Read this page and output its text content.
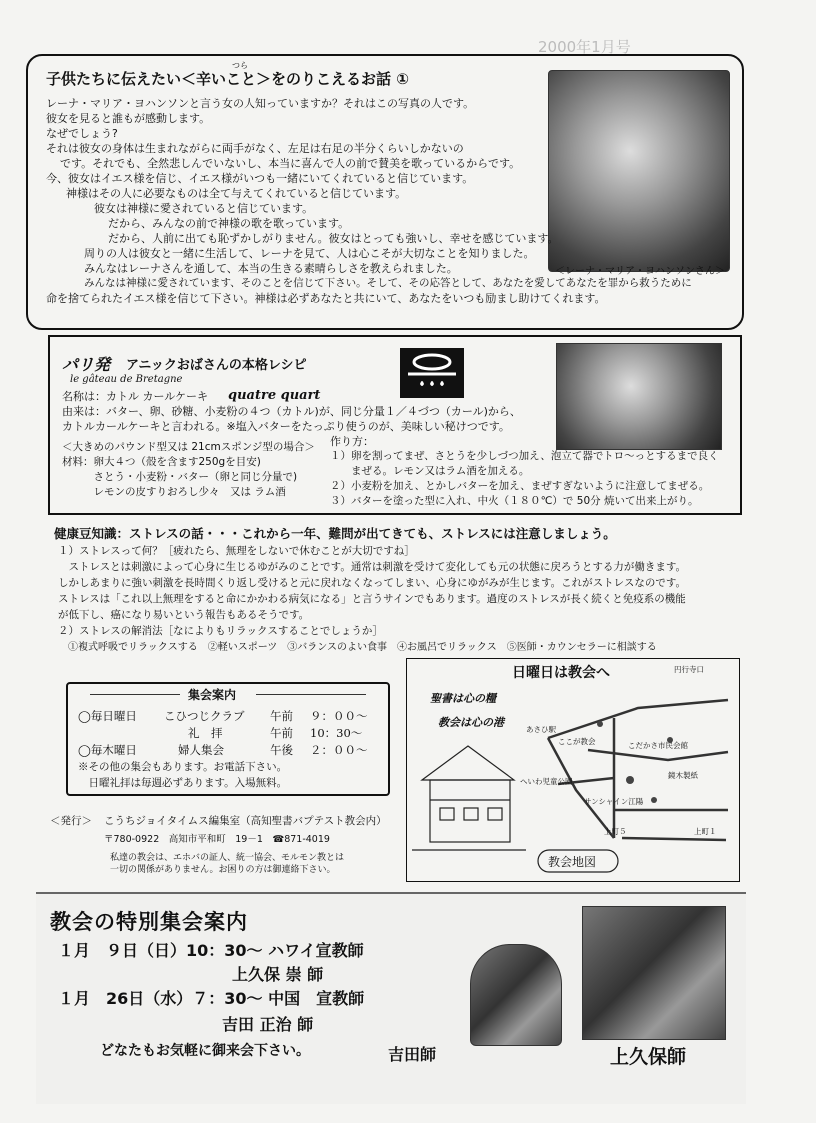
2000年1月号
子供たちに伝えたい＜辛いこと＞をのりこえるお話 ①
つら
＜レーナ・マリア・ヨハンソンさん＞
レーナ・マリア・ヨハンソンと言う女の人知っていますか？それはこの写真の人です。
彼女を見ると誰もが感動します。
なぜでしょう?
それは彼女の身体は生まれながらに両手がなく、左足は右足の半分くらいしかないの
です。それでも、全然悲しんでいないし、本当に喜んで人の前で賛美を歌っているからです。
今、彼女はイエス様を信じ、イエス様がいつも一緒にいてくれていると信じています。
神様はその人に必要なものは全て与えてくれていると信じています。
彼女は神様に愛されていると信じています。
だから、みんなの前で神様の歌を歌っています。
だから、人前に出ても恥ずかしがりません。彼女はとっても強いし、幸せを感じています。
周りの人は彼女と一緒に生活して、レーナを見て、人は心こそが大切なことを知りました。
みんなはレーナさんを通して、本当の生きる素晴らしさを教えられました。
みんなは神様に愛されています、そのことを信じて下さい。そして、その応答として、あなたを愛してあなたを罪から救うために
命を捨てられたイエス様を信じて下さい。神様は必ずあなたと共にいて、あなたをいつも励まし助けてくれます。
パリ発 アニックおばさんの本格レシピ
le gâteau de Bretagne
quatre quart
名称は：カトル カールケーキ
由来は：バター、卵、砂糖、小麦粉の４つ（カトル)が、同じ分量１／４づつ（カール)から、
カトルカールケーキと言われる。※塩入バターをたっぷり使うのが、美味しい秘けつです。
＜大きめのパウンド型又は 21cmスポンジ型の場合＞
材料：卵大４つ（殻を含ます250gを目安)
　　　さとう・小麦粉・バター（卵と同じ分量で)
　　　レモンの皮すりおろし少々　又は ラム酒
作り方：
１）卵を割ってまぜ、さとうを少しづつ加え、泡立て器でトロ～っとするまで良く
　　まぜる。レモン又はラム酒を加える。
２）小麦粉を加え、とかしバターを加え、まぜすぎないように注意してまぜる。
３）バターを塗った型に入れ、中火（１８０℃）で 50分 焼いて出来上がり。
健康豆知識：ストレスの話・・・これから一年、難問が出てきても、ストレスには注意しましょう。
１）ストレスって何？［疲れたら、無理をしないで休むことが大切ですね］
　ストレスとは刺激によって心身に生じるゆがみのことです。通常は刺激を受けて変化しても元の状態に戻ろうとする力が働きます。
しかしあまりに強い刺激を長時間くり返し受けると元に戻れなくなってしまい、心身にゆがみが生じます。これがストレスなのです。
ストレスは「これ以上無理をすると命にかかわる病気になる」と言うサインでもあります。過度のストレスが長く続くと免疫系の機能
が低下し、癌になり易いという報告もあるそうです。
２）ストレスの解消法［なによりもリラックスすることでしょうか］
　①複式呼吸でリラックスする　②軽いスポーツ　③バランスのよい食事　④お風呂でリラックス　⑤医師・カウンセラーに相談する
集会案内
◯毎日曜日 こひつじクラブ 午前 ９：００～
礼　拝	午前 10：30～
◯毎木曜日	婦人集会	午後 ２：００～
※その他の集会もあります。お電話下さい。
　日曜礼拝は毎週必ずあります。入場無料。
＜発行＞ こうちジョイタイムス編集室（高知聖書バプテスト教会内）
〒780-0922　高知市平和町　19－1　☎871-4019
私達の教会は、エホバの証人、統一協会、モルモン教とは
一切の関係がありません。お困りの方は御連絡下さい。
日曜日は教会へ
聖書は心の糧
教会は心の港
円行寺口
あさひ駅
ここが教会	こだかさ市民会館
へいわ児童公園
鏡木製紙
サンシャイン江陽
上町５	上町１
教会地図
教会の特別集会案内
１月　９日（日）10：30～ ハワイ宣教師
上久保 崇 師
１月　26日（水）７：30～ 中国　宣教師
吉田 正治 師
どなたもお気軽に御来会下さい。	吉田師	上久保師
